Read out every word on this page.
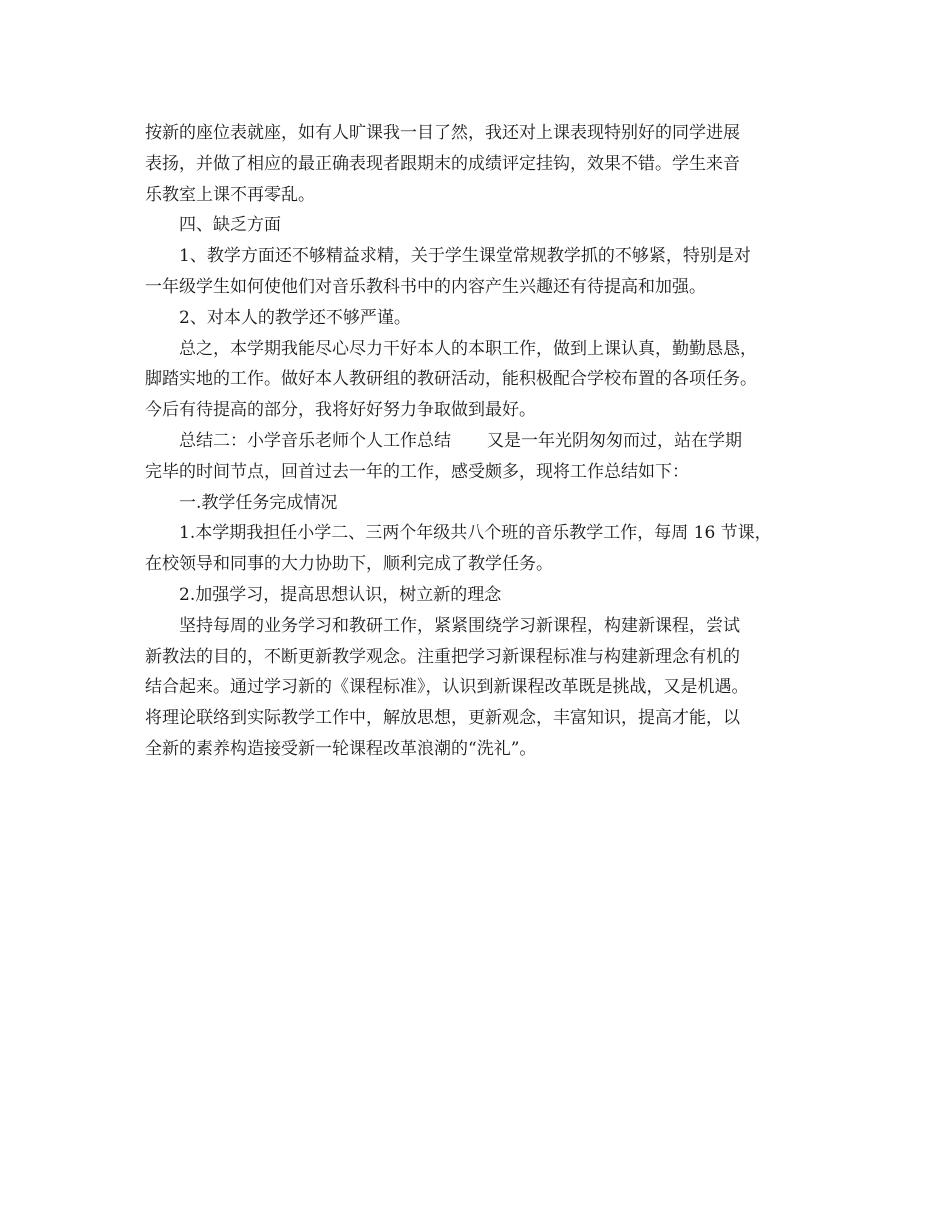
按新的座位表就座，如有人旷课我一目了然，我还对上课表现特别好的同学进展
表扬，并做了相应的最正确表现者跟期末的成绩评定挂钩，效果不错。学生来音
乐教室上课不再零乱。
四、缺乏方面
1、教学方面还不够精益求精，关于学生课堂常规教学抓的不够紧，特别是对
一年级学生如何使他们对音乐教科书中的内容产生兴趣还有待提高和加强。
2、对本人的教学还不够严谨。
总之，本学期我能尽心尽力干好本人的本职工作，做到上课认真，勤勤恳恳，
脚踏实地的工作。做好本人教研组的教研活动，能积极配合学校布置的各项任务。
今后有待提高的部分，我将好好努力争取做到最好。
总结二：小学音乐老师个人工作总结 又是一年光阴匆匆而过，站在学期
完毕的时间节点，回首过去一年的工作，感受颇多，现将工作总结如下：
一.教学任务完成情况
1.本学期我担任小学二、三两个年级共八个班的音乐教学工作，每周 16 节课，
在校领导和同事的大力协助下，顺利完成了教学任务。
2.加强学习，提高思想认识，树立新的理念
坚持每周的业务学习和教研工作，紧紧围绕学习新课程，构建新课程，尝试
新教法的目的，不断更新教学观念。注重把学习新课程标准与构建新理念有机的
结合起来。通过学习新的《课程标准》，认识到新课程改革既是挑战，又是机遇。
将理论联络到实际教学工作中，解放思想，更新观念，丰富知识，提高才能，以
全新的素养构造接受新一轮课程改革浪潮的“洗礼”。
